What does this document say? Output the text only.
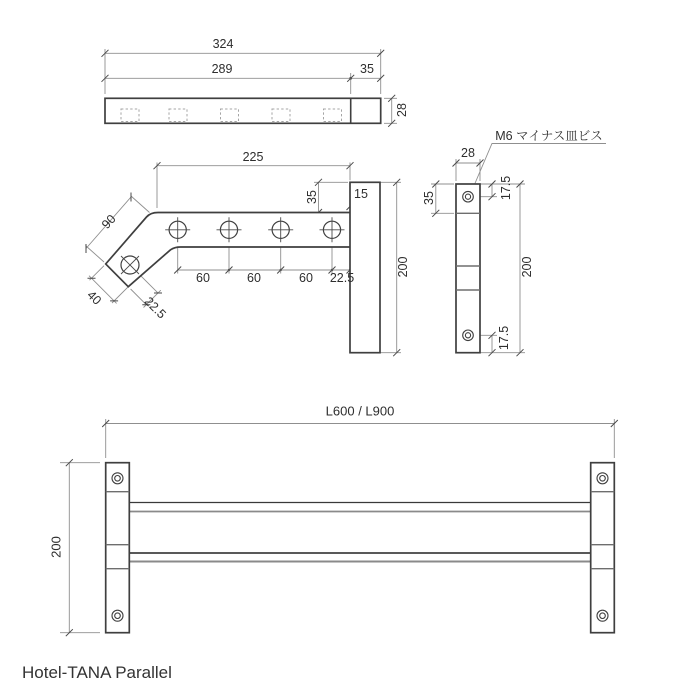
324
289	35
28
225
90
40	22.5
60	60	60 22.5
35	15
200
M6 マイナス皿ビス
28
35	17.5
200
17.5
L600 / L900
200
Hotel-TANA Parallel
